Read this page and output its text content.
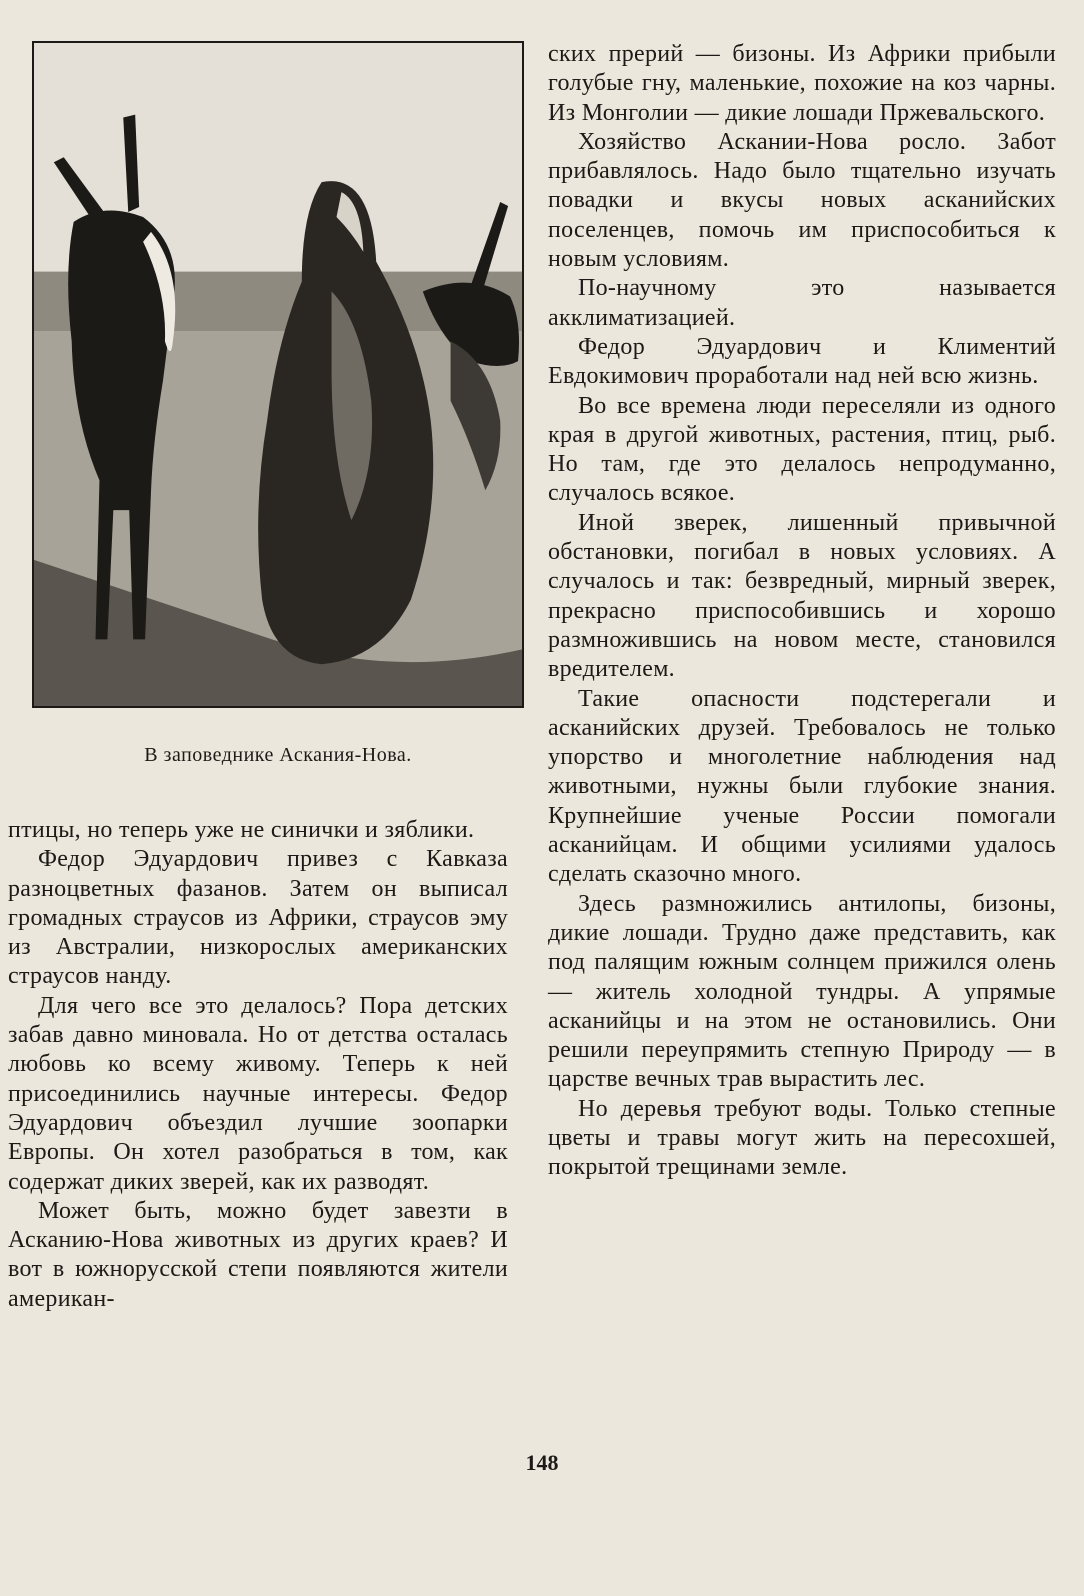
В заповеднике Аскания-Нова.

птицы, но теперь уже не синички и зяблики.

Федор Эдуардович привез с Кавказа разноцветных фазанов. Затем он выписал громадных страусов из Африки, страусов эму из Австралии, низкорослых американских страусов нанду.

Для чего все это делалось? Пора детских забав давно миновала. Но от детства осталась любовь ко всему живому. Теперь к ней присоединились научные интересы. Федор Эдуардович объездил лучшие зоопарки Европы. Он хотел разобраться в том, как содержат диких зверей, как их разводят.

Может быть, можно будет завезти в Асканию-Нова животных из других краев? И вот в южнорусской степи появляются жители американ-

ских прерий — бизоны. Из Африки прибыли голубые гну, маленькие, похожие на коз чарны. Из Монголии — дикие лошади Пржевальского.

Хозяйство Аскании-Нова росло. Забот прибавлялось. Надо было тщательно изучать повадки и вкусы новых асканийских поселенцев, помочь им приспособиться к новым условиям.

По-научному это называется акклиматизацией.

Федор Эдуардович и Климентий Евдокимович проработали над ней всю жизнь.

Во все времена люди переселяли из одного края в другой животных, растения, птиц, рыб. Но там, где это делалось непродуманно, случалось всякое.

Иной зверек, лишенный привычной обстановки, погибал в новых условиях. А случалось и так: безвредный, мирный зверек, прекрасно приспособившись и хорошо размножившись на новом месте, становился вредителем.

Такие опасности подстерегали и асканийских друзей. Требовалось не только упорство и многолетние наблюдения над животными, нужны были глубокие знания. Крупнейшие ученые России помогали асканийцам. И общими усилиями удалось сделать сказочно много.

Здесь размножились антилопы, бизоны, дикие лошади. Трудно даже представить, как под палящим южным солнцем прижился олень — житель холодной тундры. А упрямые асканийцы и на этом не остановились. Они решили переупрямить степную Природу — в царстве вечных трав вырастить лес.

Но деревья требуют воды. Только степные цветы и травы могут жить на пересохшей, покрытой трещинами земле.

148
